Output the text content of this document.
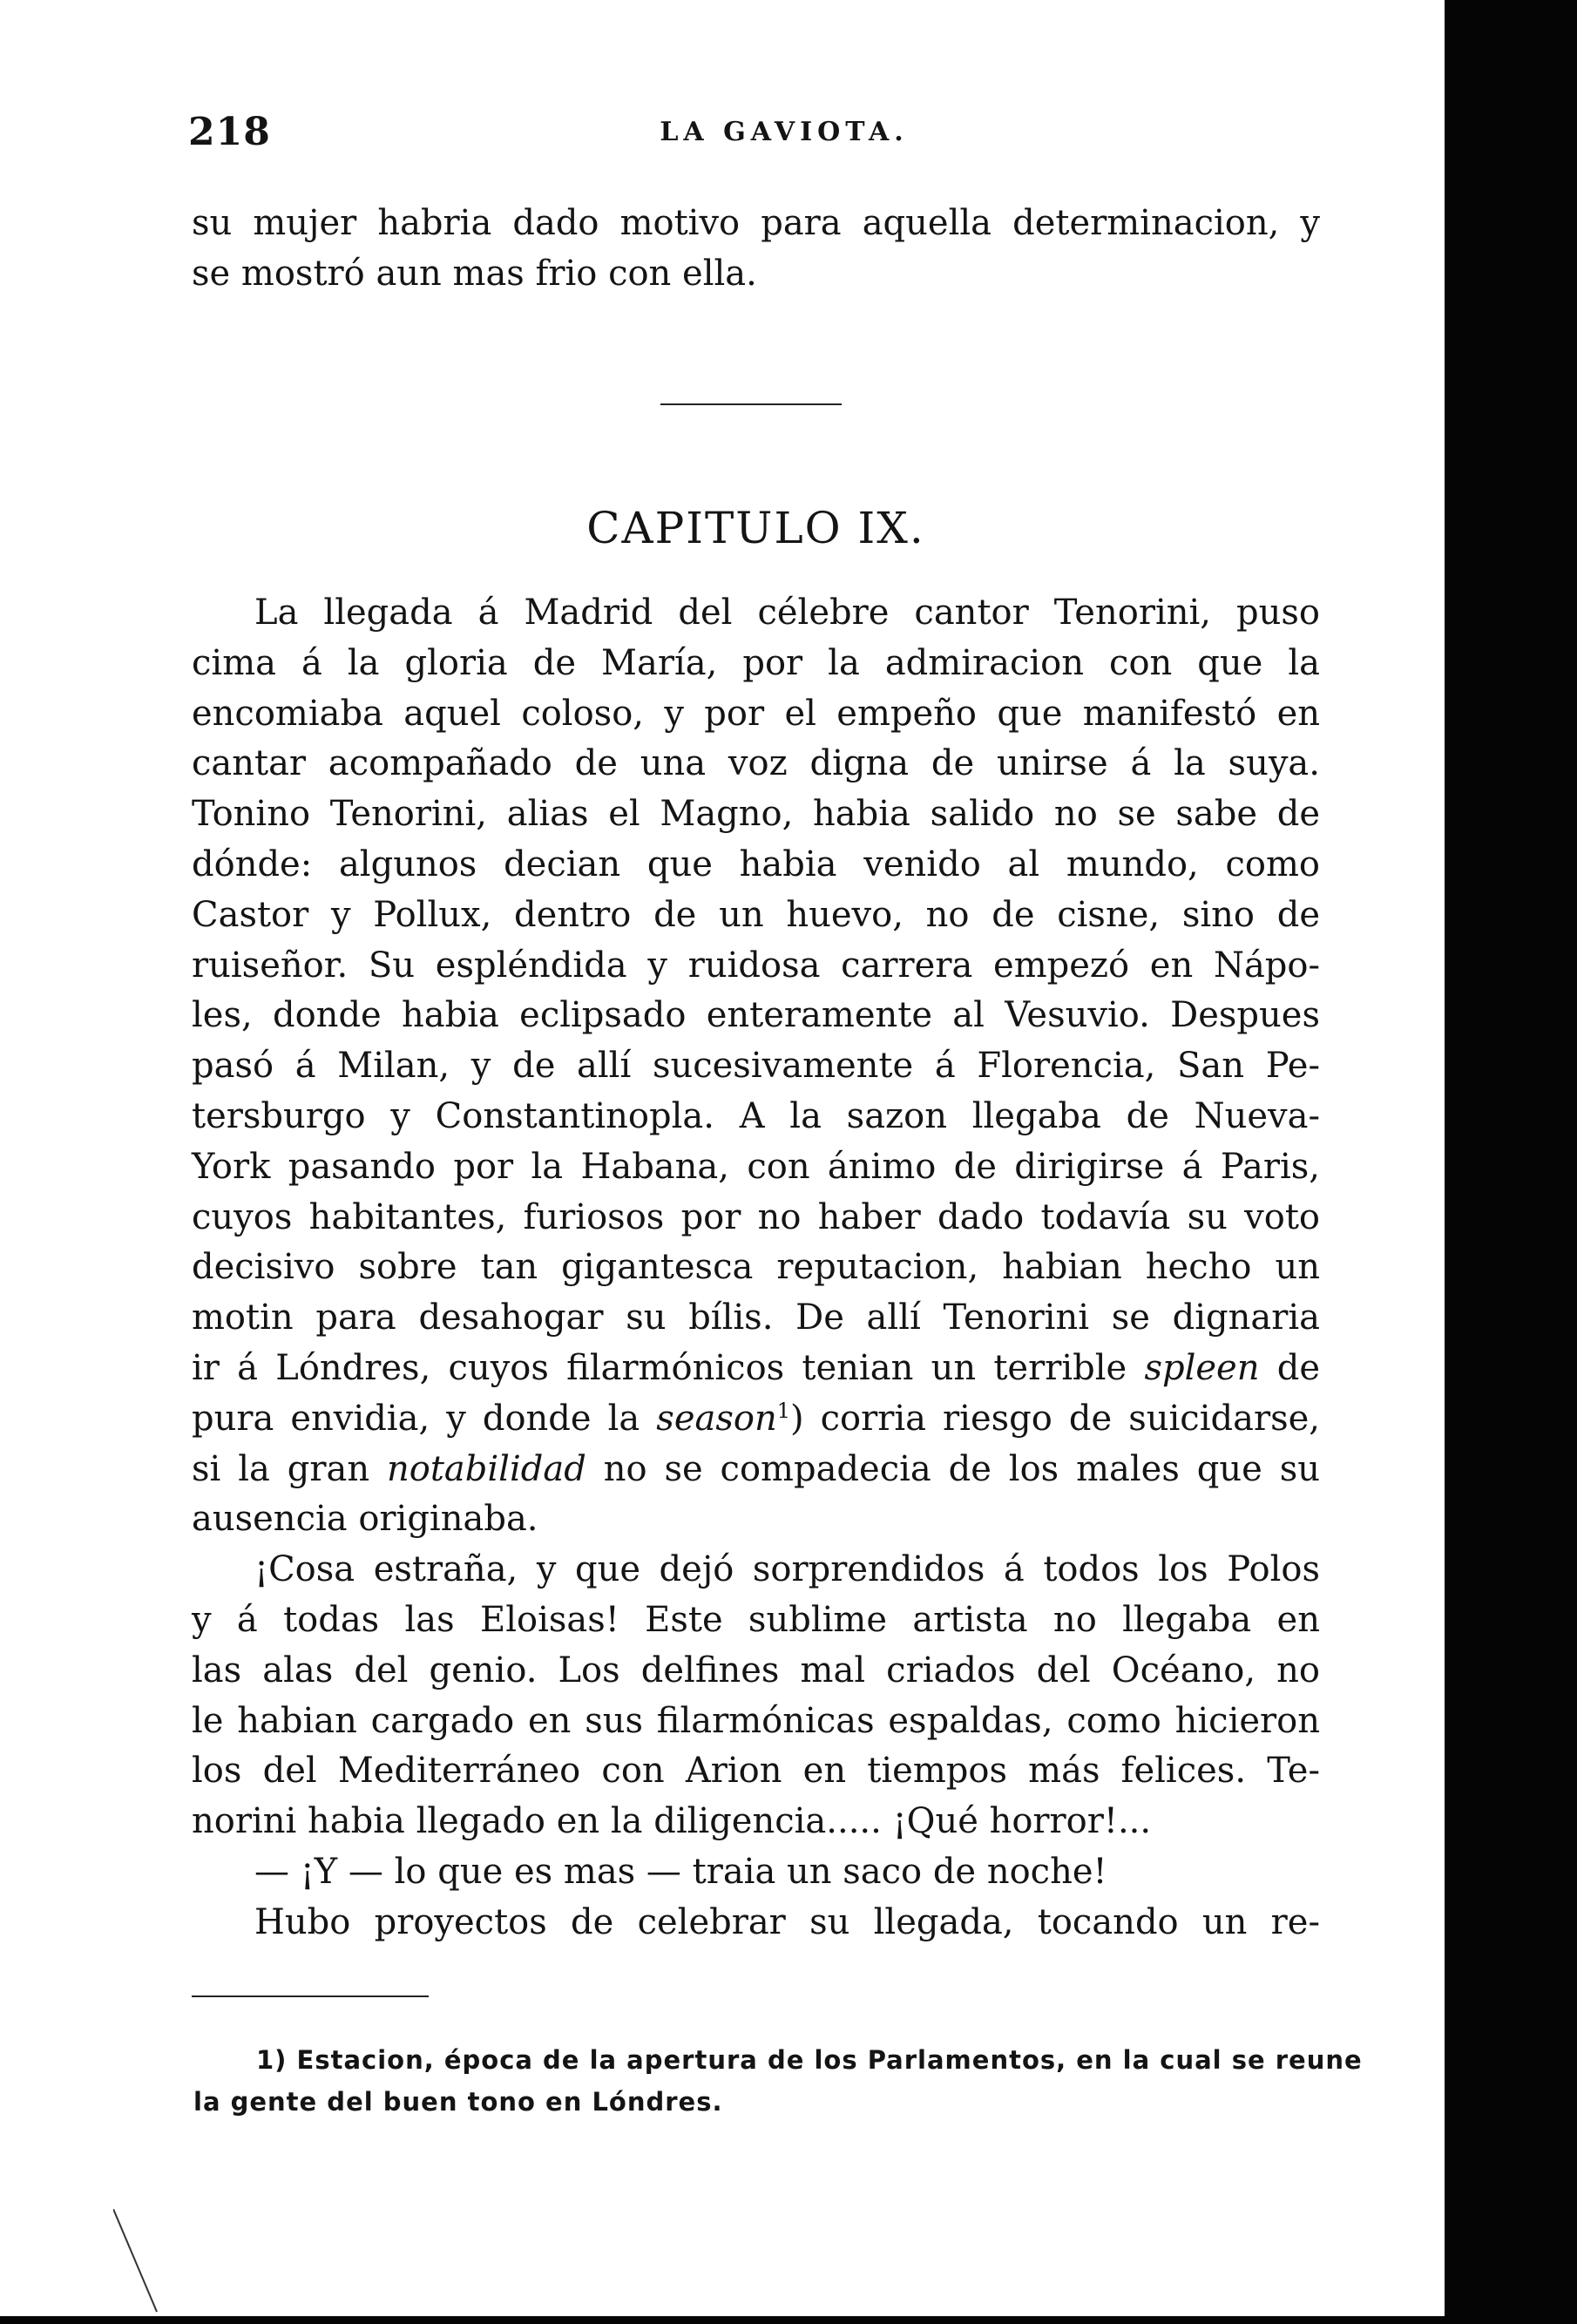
218	LA GAVIOTA.
su mujer habria dado motivo para aquella determinacion, y
se mostró aun mas frio con ella.
CAPITULO IX.
La llegada á Madrid del célebre cantor Tenorini, puso
cima á la gloria de María, por la admiracion con que la
encomiaba aquel coloso, y por el empeño que manifestó en
cantar acompañado de una voz digna de unirse á la suya.
Tonino Tenorini, alias el Magno, habia salido no se sabe de
dónde: algunos decian que habia venido al mundo, como
Castor y Pollux, dentro de un huevo, no de cisne, sino de
ruiseñor. Su espléndida y ruidosa carrera empezó en Nápo-
les, donde habia eclipsado enteramente al Vesuvio. Despues
pasó á Milan, y de allí sucesivamente á Florencia, San Pe-
tersburgo y Constantinopla. A la sazon llegaba de Nueva-
York pasando por la Habana, con ánimo de dirigirse á Paris,
cuyos habitantes, furiosos por no haber dado todavía su voto
decisivo sobre tan gigantesca reputacion, habian hecho un
motin para desahogar su bílis. De allí Tenorini se dignaria
ir á Lóndres, cuyos filarmónicos tenian un terrible spleen de
pura envidia, y donde la season$^1$) corria riesgo de suicidarse,
si la gran notabilidad no se compadecia de los males que su
ausencia originaba.
¡Cosa estraña, y que dejó sorprendidos á todos los Polos
y á todas las Eloisas! Este sublime artista no llegaba en
las alas del genio. Los delfines mal criados del Océano, no
le habian cargado en sus filarmónicas espaldas, como hicieron
los del Mediterráneo con Arion en tiempos más felices. Te-
norini habia llegado en la diligencia..... ¡Qué horror!...
— ¡Y — lo que es mas — traia un saco de noche!
Hubo proyectos de celebrar su llegada, tocando un re-
1) Estacion, época de la apertura de los Parlamentos, en la cual se reune
la gente del buen tono en Lóndres.
